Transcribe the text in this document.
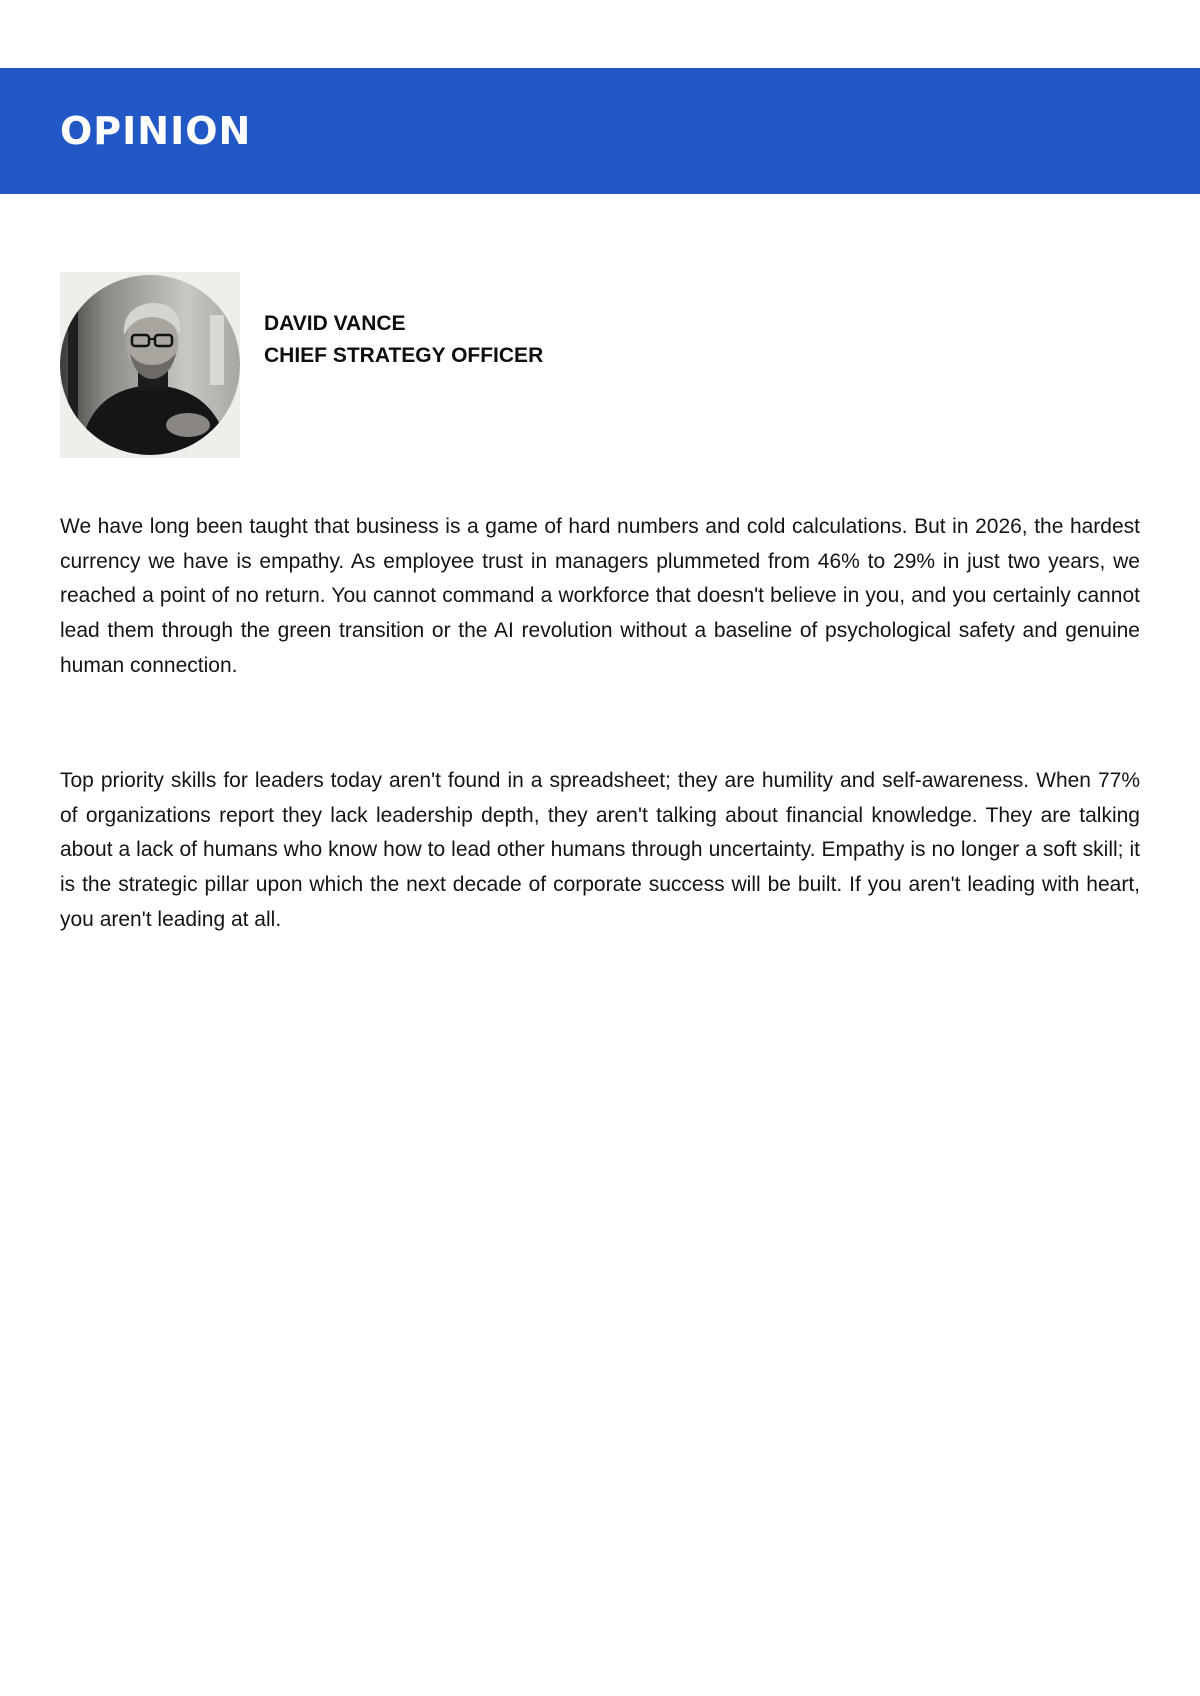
OPINION
DAVID VANCE
CHIEF STRATEGY OFFICER

We have long been taught that business is a game of hard numbers and cold calculations. But in 2026, the hardest currency we have is empathy. As employee trust in managers plummeted from 46% to 29% in just two years, we reached a point of no return. You cannot command a workforce that doesn't believe in you, and you certainly cannot lead them through the green transition or the AI revolution without a baseline of psychological safety and genuine human connection.

Top priority skills for leaders today aren't found in a spreadsheet; they are humility and self-awareness. When 77% of organizations report they lack leadership depth, they aren't talking about financial knowledge. They are talking about a lack of humans who know how to lead other humans through uncertainty. Empathy is no longer a soft skill; it is the strategic pillar upon which the next decade of corporate success will be built. If you aren't leading with heart, you aren't leading at all.
